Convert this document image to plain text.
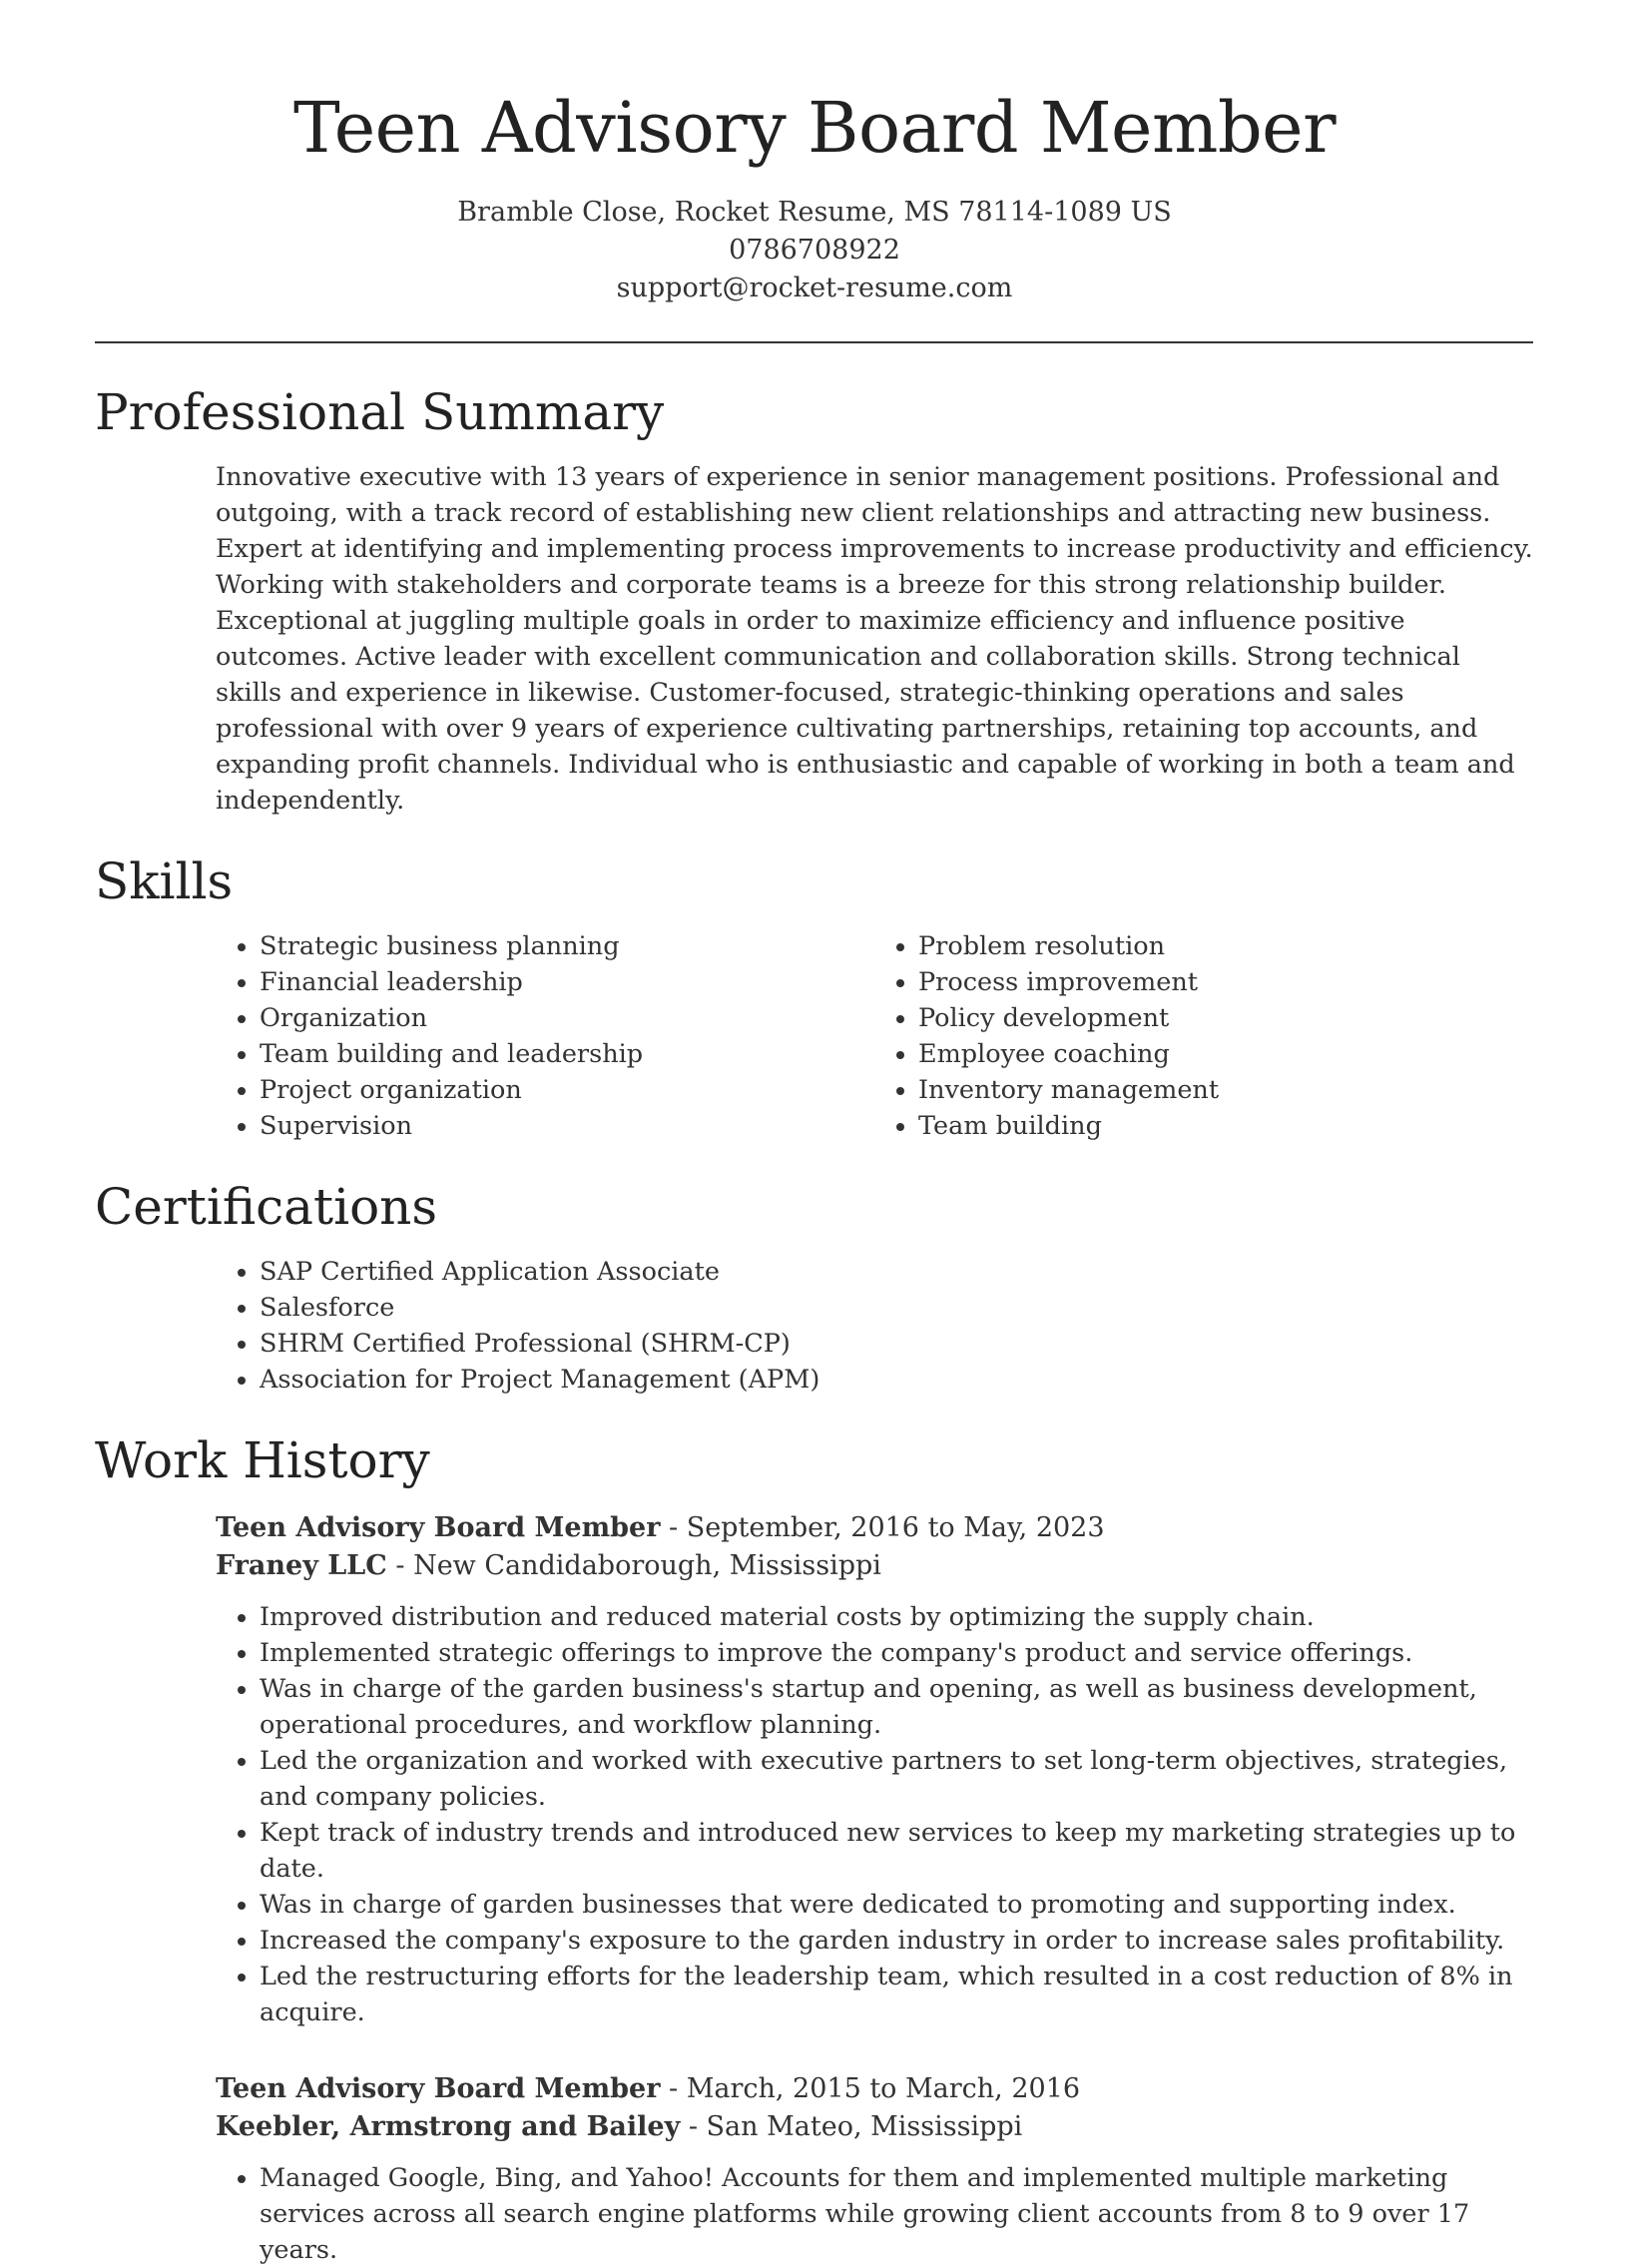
Teen Advisory Board Member
Bramble Close, Rocket Resume, MS 78114-1089 US
0786708922
support@rocket-resume.com
Professional Summary
Innovative executive with 13 years of experience in senior management positions. Professional and outgoing, with a track record of establishing new client relationships and attracting new business. Expert at identifying and implementing process improvements to increase productivity and efficiency. Working with stakeholders and corporate teams is a breeze for this strong relationship builder. Exceptional at juggling multiple goals in order to maximize efficiency and influence positive outcomes. Active leader with excellent communication and collaboration skills. Strong technical skills and experience in likewise. Customer-focused, strategic-thinking operations and sales professional with over 9 years of experience cultivating partnerships, retaining top accounts, and expanding profit channels. Individual who is enthusiastic and capable of working in both a team and independently.
Skills
• Strategic business planning
• Financial leadership
• Organization
• Team building and leadership
• Project organization
• Supervision
• Problem resolution
• Process improvement
• Policy development
• Employee coaching
• Inventory management
• Team building
Certifications
• SAP Certified Application Associate
• Salesforce
• SHRM Certified Professional (SHRM-CP)
• Association for Project Management (APM)
Work History
Teen Advisory Board Member - September, 2016 to May, 2023
Franey LLC - New Candidaborough, Mississippi
• Improved distribution and reduced material costs by optimizing the supply chain.
• Implemented strategic offerings to improve the company's product and service offerings.
• Was in charge of the garden business's startup and opening, as well as business development, operational procedures, and workflow planning.
• Led the organization and worked with executive partners to set long-term objectives, strategies, and company policies.
• Kept track of industry trends and introduced new services to keep my marketing strategies up to date.
• Was in charge of garden businesses that were dedicated to promoting and supporting index.
• Increased the company's exposure to the garden industry in order to increase sales profitability.
• Led the restructuring efforts for the leadership team, which resulted in a cost reduction of 8% in acquire.
Teen Advisory Board Member - March, 2015 to March, 2016
Keebler, Armstrong and Bailey - San Mateo, Mississippi
• Managed Google, Bing, and Yahoo! Accounts for them and implemented multiple marketing services across all search engine platforms while growing client accounts from 8 to 9 over 17 years.
